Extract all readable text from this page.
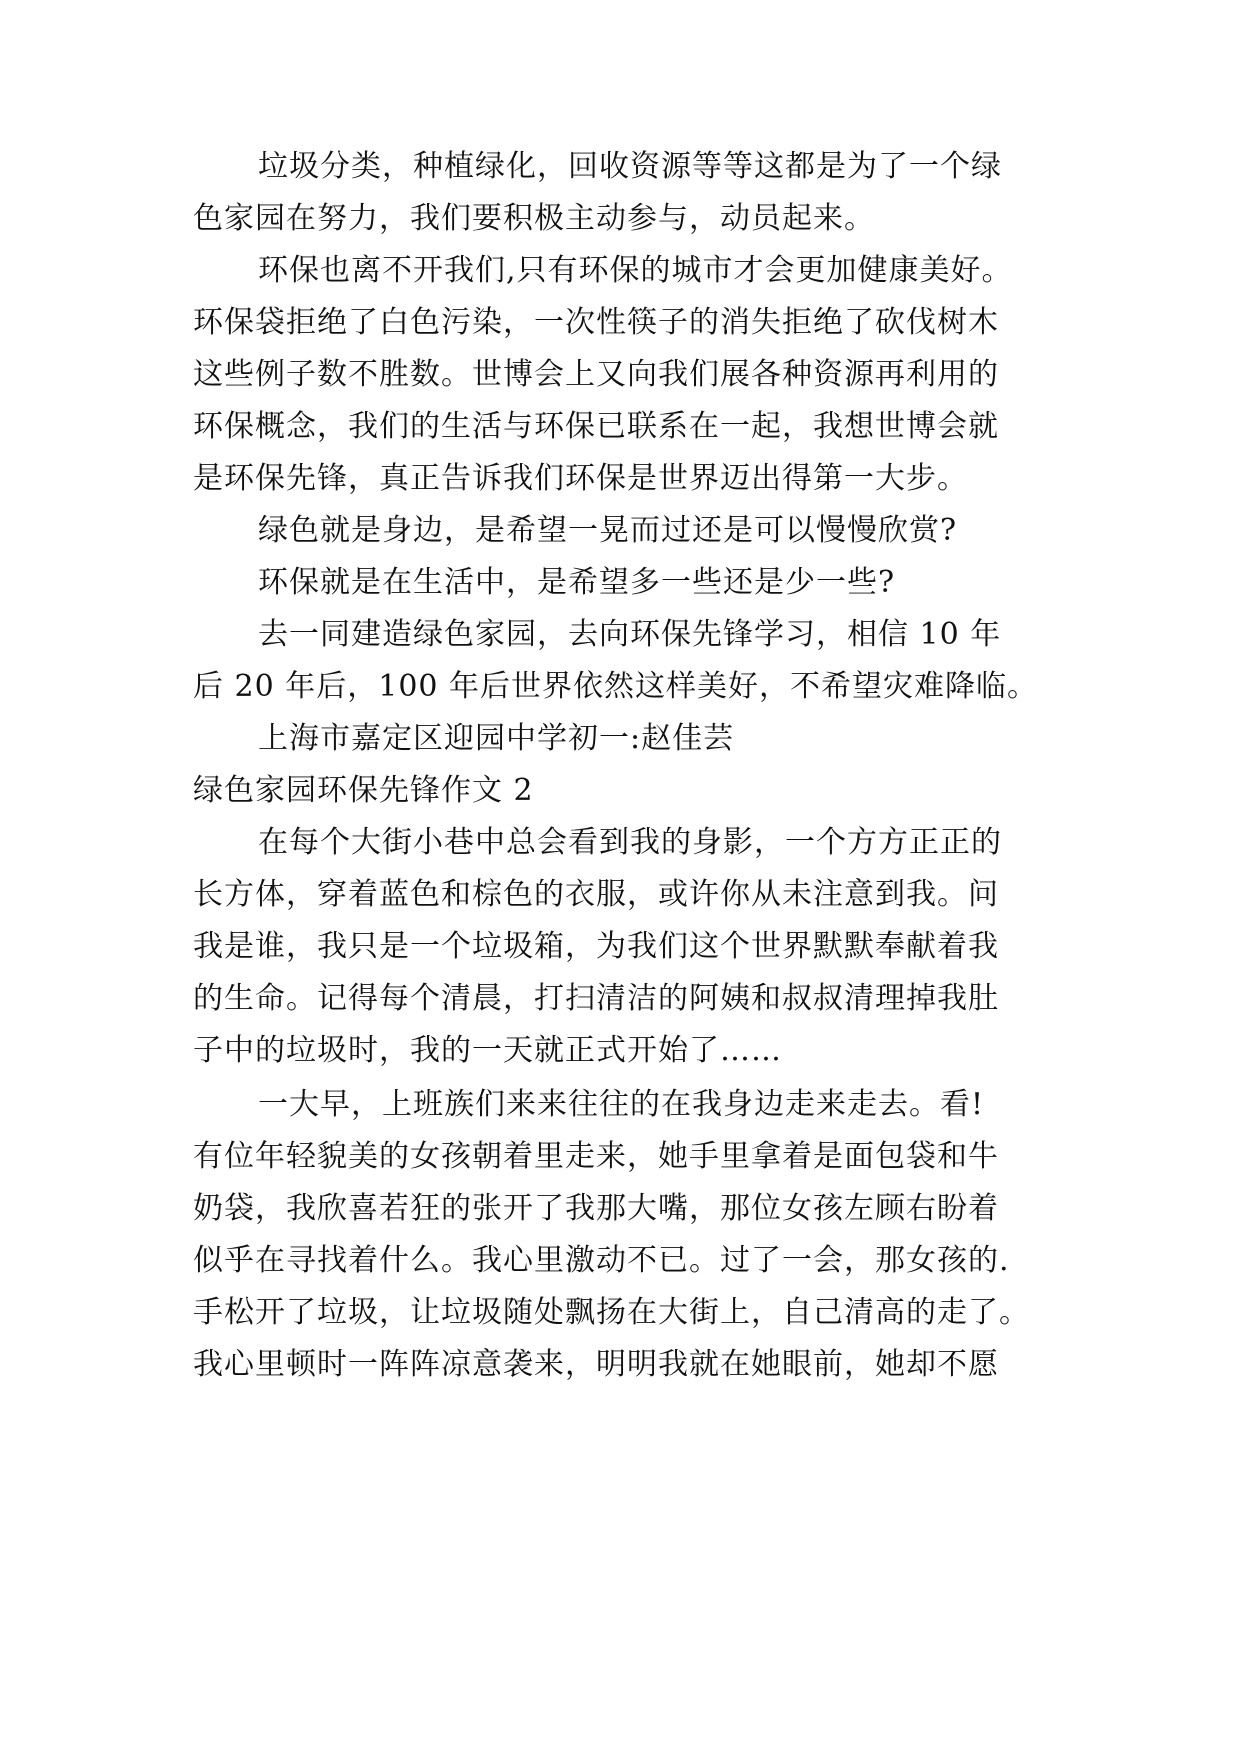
垃圾分类，种植绿化，回收资源等等这都是为了一个绿
色家园在努力，我们要积极主动参与，动员起来。
环保也离不开我们,只有环保的城市才会更加健康美好。
环保袋拒绝了白色污染，一次性筷子的消失拒绝了砍伐树木
这些例子数不胜数。世博会上又向我们展各种资源再利用的
环保概念，我们的生活与环保已联系在一起，我想世博会就
是环保先锋，真正告诉我们环保是世界迈出得第一大步。
绿色就是身边，是希望一晃而过还是可以慢慢欣赏?
环保就是在生活中，是希望多一些还是少一些?
去一同建造绿色家园，去向环保先锋学习，相信 10 年
后 20 年后，100 年后世界依然这样美好，不希望灾难降临。
上海市嘉定区迎园中学初一:赵佳芸
绿色家园环保先锋作文 2
在每个大街小巷中总会看到我的身影，一个方方正正的
长方体，穿着蓝色和棕色的衣服，或许你从未注意到我。问
我是谁，我只是一个垃圾箱，为我们这个世界默默奉献着我
的生命。记得每个清晨，打扫清洁的阿姨和叔叔清理掉我肚
子中的垃圾时，我的一天就正式开始了……
一大早，上班族们来来往往的在我身边走来走去。看!
有位年轻貌美的女孩朝着里走来，她手里拿着是面包袋和牛
奶袋，我欣喜若狂的张开了我那大嘴，那位女孩左顾右盼着
似乎在寻找着什么。我心里激动不已。过了一会，那女孩的.
手松开了垃圾，让垃圾随处飘扬在大街上，自己清高的走了。
我心里顿时一阵阵凉意袭来，明明我就在她眼前，她却不愿
